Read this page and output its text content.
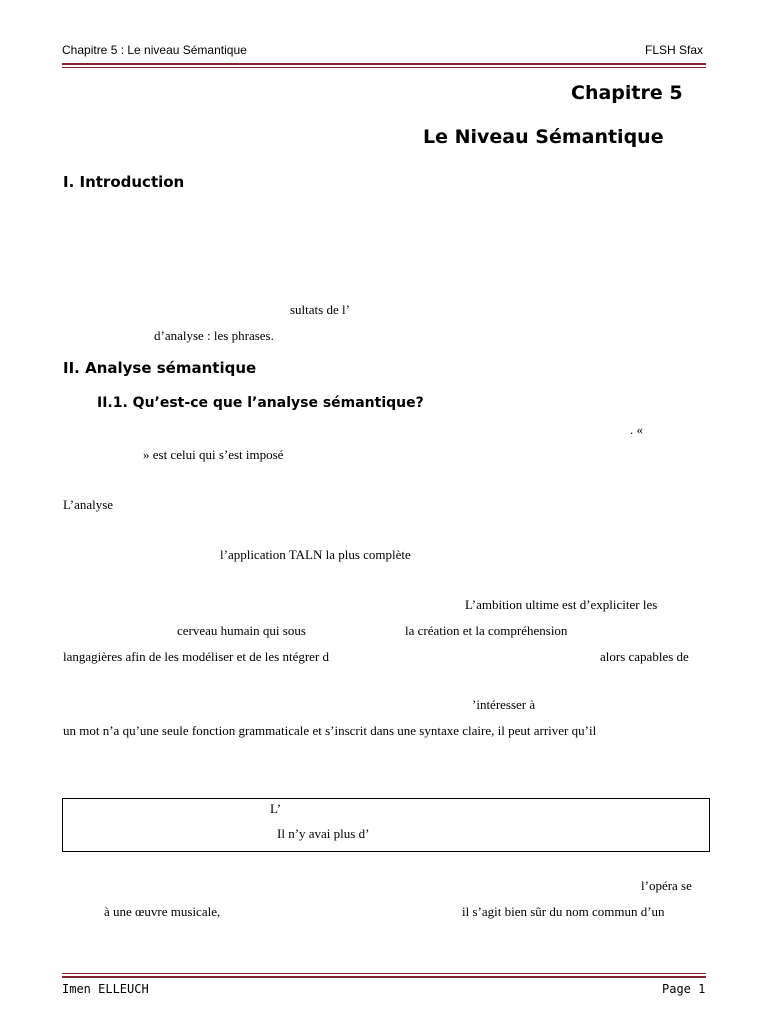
Chapitre 5 : Le niveau Sémantique	FLSH Sfax
Chapitre 5
Le Niveau Sémantique
I. Introduction
sultats de l’
d’analyse : les phrases.
II. Analyse sémantique
II.1. Qu’est-ce que l’analyse sémantique?
. «
» est celui qui s’est imposé
L’analyse
l’application TALN la plus complète
L’ambition ultime est d’expliciter les
cerveau humain qui sous	la création et la compréhension
langagières afin de les modéliser et de les ntégrer d	alors capables de
’intéresser à
un mot n’a qu’une seule fonction grammaticale et s’inscrit dans une syntaxe claire, il peut arriver qu’il
L’
Il n’y avai plus d’
l’opéra se
à une œuvre musicale,	il s’agit bien sûr du nom commun d’un
Imen ELLEUCH	Page 1
